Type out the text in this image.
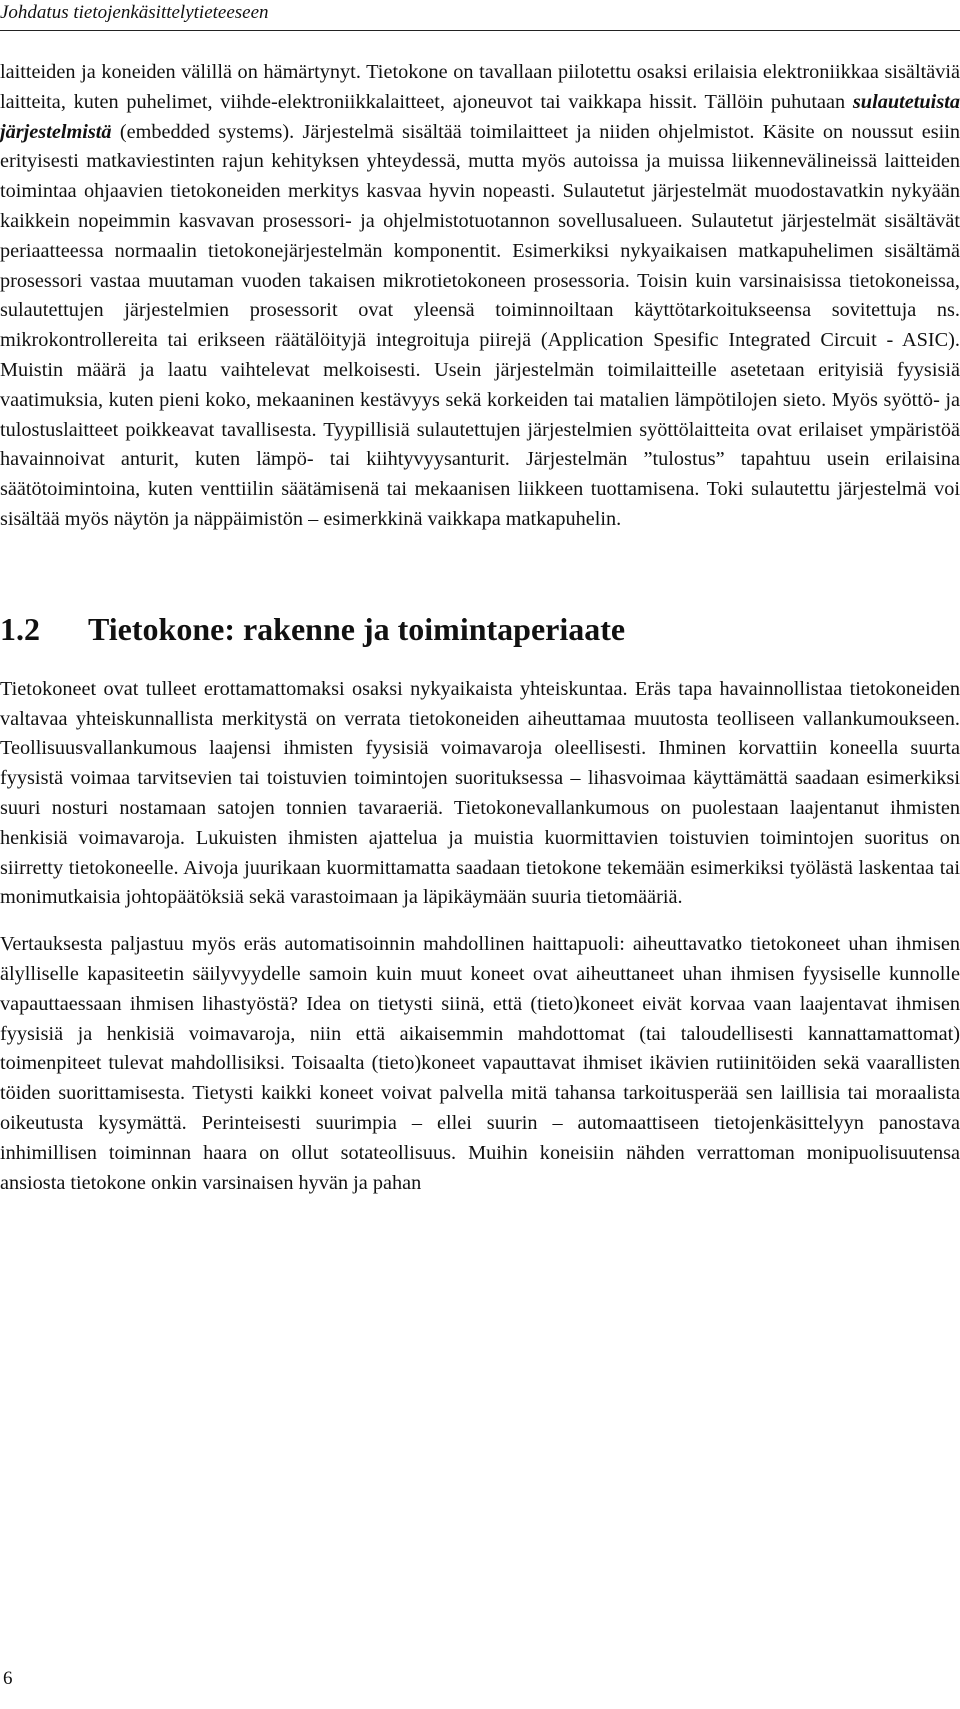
Johdatus tietojenkäsittelytieteeseen

laitteiden ja koneiden välillä on hämärtynyt. Tietokone on tavallaan piilotettu osaksi erilaisia elektroniikkaa sisältäviä laitteita, kuten puhelimet, viihde-elektroniikkalaitteet, ajoneuvot tai vaikkapa hissit. Tällöin puhutaan sulautetuista järjestelmistä (embedded systems). Järjestelmä sisältää toimilaitteet ja niiden ohjelmistot. Käsite on noussut esiin erityisesti matkaviestinten rajun kehityksen yhteydessä, mutta myös autoissa ja muissa liikennevälineissä laitteiden toimintaa ohjaavien tietokoneiden merkitys kasvaa hyvin nopeasti. Sulautetut järjestelmät muodostavatkin nykyään kaikkein nopeimmin kasvavan prosessori- ja ohjelmistotuotannon sovellusalueen. Sulautetut järjestelmät sisältävät periaatteessa normaalin tietokonejärjestelmän komponentit. Esimerkiksi nykyaikaisen matkapuhelimen sisältämä prosessori vastaa muutaman vuoden takaisen mikrotietokoneen prosessoria. Toisin kuin varsinaisissa tietokoneissa, sulautettujen järjestelmien prosessorit ovat yleensä toiminnoiltaan käyttötarkoitukseensa sovitettuja ns. mikrokontrollereita tai erikseen räätälöityjä integroituja piirejä (Application Spesific Integrated Circuit - ASIC). Muistin määrä ja laatu vaihtelevat melkoisesti. Usein järjestelmän toimilaitteille asetetaan erityisiä fyysisiä vaatimuksia, kuten pieni koko, mekaaninen kestävyys sekä korkeiden tai matalien lämpötilojen sieto. Myös syöttö- ja tulostuslaitteet poikkeavat tavallisesta. Tyypillisiä sulautettujen järjestelmien syöttölaitteita ovat erilaiset ympäristöä havainnoivat anturit, kuten lämpö- tai kiihtyvyysanturit. Järjestelmän ”tulostus” tapahtuu usein erilaisina säätötoimintoina, kuten venttiilin säätämisenä tai mekaanisen liikkeen tuottamisena. Toki sulautettu järjestelmä voi sisältää myös näytön ja näppäimistön – esimerkkinä vaikkapa matkapuhelin.

1.2 Tietokone: rakenne ja toimintaperiaate

Tietokoneet ovat tulleet erottamattomaksi osaksi nykyaikaista yhteiskuntaa. Eräs tapa havainnollistaa tietokoneiden valtavaa yhteiskunnallista merkitystä on verrata tietokoneiden aiheuttamaa muutosta teolliseen vallankumoukseen. Teollisuusvallankumous laajensi ihmisten fyysisiä voimavaroja oleellisesti. Ihminen korvattiin koneella suurta fyysistä voimaa tarvitsevien tai toistuvien toimintojen suorituksessa – lihasvoimaa käyttämättä saadaan esimerkiksi suuri nosturi nostamaan satojen tonnien tavaraeriä. Tietokonevallankumous on puolestaan laajentanut ihmisten henkisiä voimavaroja. Lukuisten ihmisten ajattelua ja muistia kuormittavien toistuvien toimintojen suoritus on siirretty tietokoneelle. Aivoja juurikaan kuormittamatta saadaan tietokone tekemään esimerkiksi työlästä laskentaa tai monimutkaisia johtopäätöksiä sekä varastoimaan ja läpikäymään suuria tietomääriä.

Vertauksesta paljastuu myös eräs automatisoinnin mahdollinen haittapuoli: aiheuttavatko tietokoneet uhan ihmisen älylliselle kapasiteetin säilyvyydelle samoin kuin muut koneet ovat aiheuttaneet uhan ihmisen fyysiselle kunnolle vapauttaessaan ihmisen lihastyöstä? Idea on tietysti siinä, että (tieto)koneet eivät korvaa vaan laajentavat ihmisen fyysisiä ja henkisiä voimavaroja, niin että aikaisemmin mahdottomat (tai taloudellisesti kannattamattomat) toimenpiteet tulevat mahdollisiksi. Toisaalta (tieto)koneet vapauttavat ihmiset ikävien rutiinitöiden sekä vaarallisten töiden suorittamisesta. Tietysti kaikki koneet voivat palvella mitä tahansa tarkoitusperää sen laillisia tai moraalista oikeutusta kysymättä. Perinteisesti suurimpia – ellei suurin – automaattiseen tietojenkäsittelyyn panostava inhimillisen toiminnan haara on ollut sotateollisuus. Muihin koneisiin nähden verrattoman monipuolisuutensa ansiosta tietokone onkin varsinaisen hyvän ja pahan

6
